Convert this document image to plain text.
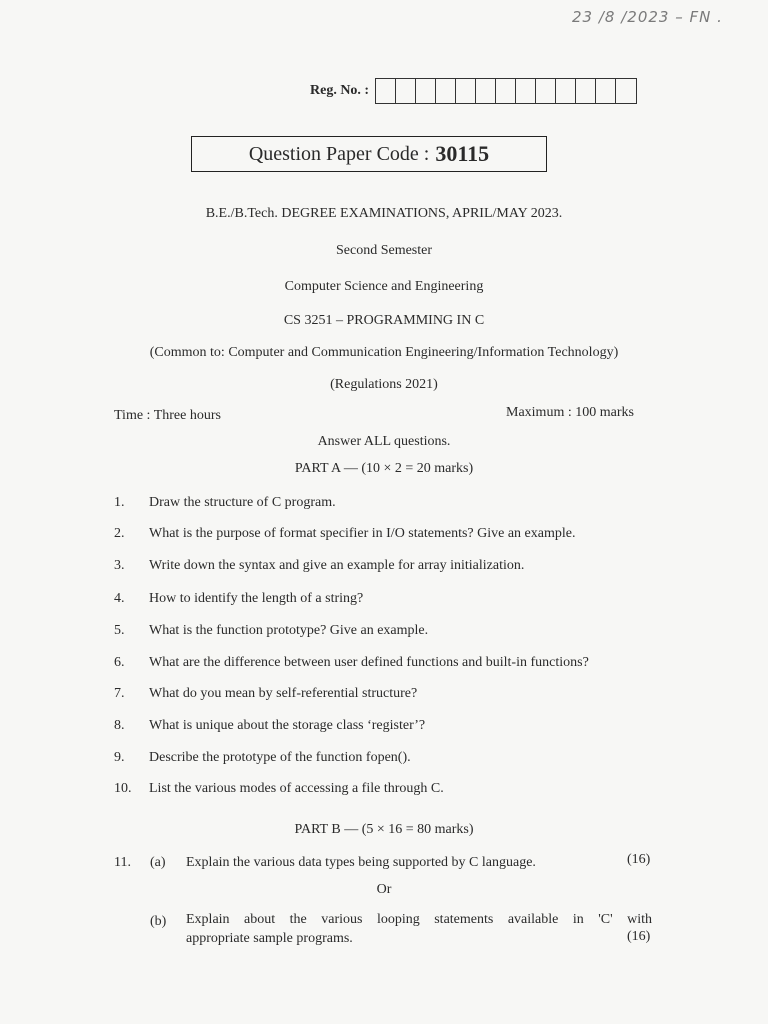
23 /8 /2023 – FN .
Reg. No. :
Question Paper Code : 30115
B.E./B.Tech. DEGREE EXAMINATIONS, APRIL/MAY 2023.
Second Semester
Computer Science and Engineering
CS 3251 – PROGRAMMING IN C
(Common to: Computer and Communication Engineering/Information Technology)
(Regulations 2021)
Time : Three hours	Maximum : 100 marks
Answer ALL questions.
PART A — (10 × 2 = 20 marks)
1. Draw the structure of C program.
2. What is the purpose of format specifier in I/O statements? Give an example.
3. Write down the syntax and give an example for array initialization.
4. How to identify the length of a string?
5. What is the function prototype? Give an example.
6. What are the difference between user defined functions and built-in functions?
7. What do you mean by self-referential structure?
8. What is unique about the storage class ‘register’?
9. Describe the prototype of the function fopen().
10. List the various modes of accessing a file through C.
PART B — (5 × 16 = 80 marks)
11.	(a) Explain the various data types being supported by C language.	(16)
Or
(b) Explain about the various looping statements available in 'C' with
appropriate sample programs.	(16)
